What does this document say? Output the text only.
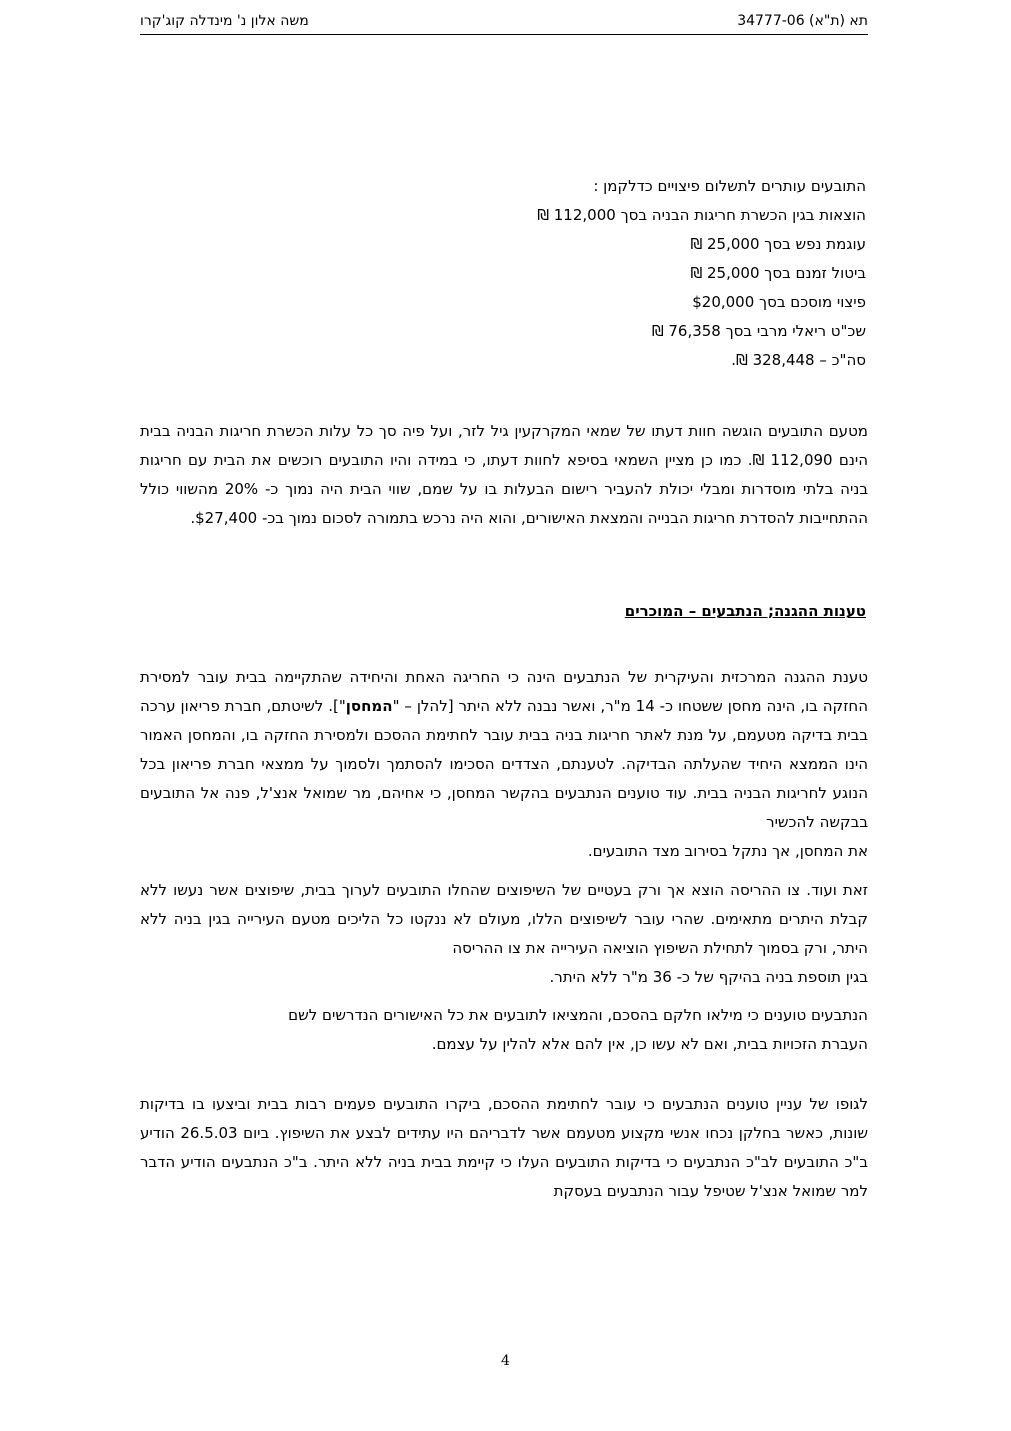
תא (ת"א) 34777-06
משה אלון נ' מינדלה קוג'קרו
התובעים עותרים לתשלום פיצויים כדלקמן :
הוצאות בגין הכשרת חריגות הבניה בסך 112,000 ₪
עוגמת נפש בסך 25,000 ₪
ביטול זמנם בסך 25,000 ₪
פיצוי מוסכם בסך $20,000
שכ"ט ריאלי מרבי בסך 76,358 ₪
סה"כ – 328,448 ₪.

מטעם התובעים הוגשה חוות דעתו של שמאי המקרקעין גיל לזר, ועל פיה סך כל עלות הכשרת חריגות הבניה בבית הינם 112,090 ₪. כמו כן מציין השמאי בסיפא לחוות דעתו, כי במידה והיו התובעים רוכשים את הבית עם חריגות בניה בלתי מוסדרות ומבלי יכולת להעביר רישום הבעלות בו על שמם, שווי הבית היה נמוך כ- 20% מהשווי כולל ההתחייבות להסדרת חריגות הבנייה והמצאת האישורים, והוא היה נרכש בתמורה לסכום נמוך בכ- $27,400.

טענות ההגנה; הנתבעים – המוכרים

טענת ההגנה המרכזית והעיקרית של הנתבעים הינה כי החריגה האחת והיחידה שהתקיימה בבית עובר למסירת החזקה בו, הינה מחסן ששטחו כ- 14 מ"ר, ואשר נבנה ללא היתר [להלן – "המחסן"]. לשיטתם, חברת פריאון ערכה בבית בדיקה מטעמם, על מנת לאתר חריגות בניה בבית עובר לחתימת ההסכם ולמסירת החזקה בו, והמחסן האמור הינו הממצא היחיד שהעלתה הבדיקה. לטענתם, הצדדים הסכימו להסתמך ולסמוך על ממצאי חברת פריאון בכל הנוגע לחריגות הבניה בבית. עוד טוענים הנתבעים בהקשר המחסן, כי אחיהם, מר שמואל אנצ'ל, פנה אל התובעים בבקשה להכשיר
את המחסן, אך נתקל בסירוב מצד התובעים.

זאת ועוד. צו ההריסה הוצא אך ורק בעטיים של השיפוצים שהחלו התובעים לערוך בבית, שיפוצים אשר נעשו ללא קבלת היתרים מתאימים. שהרי עובר לשיפוצים הללו, מעולם לא ננקטו כל הליכים מטעם העירייה בגין בניה ללא היתר, ורק בסמוך לתחילת השיפוץ הוציאה העירייה את צו ההריסה
בגין תוספת בניה בהיקף של כ- 36 מ"ר ללא היתר.

הנתבעים טוענים כי מילאו חלקם בהסכם, והמציאו לתובעים את כל האישורים הנדרשים לשם
העברת הזכויות בבית, ואם לא עשו כן, אין להם אלא להלין על עצמם.

לגופו של עניין טוענים הנתבעים כי עובר לחתימת ההסכם, ביקרו התובעים פעמים רבות בבית וביצעו בו בדיקות שונות, כאשר בחלקן נכחו אנשי מקצוע מטעמם אשר לדבריהם היו עתידים לבצע את השיפוץ. ביום 26.5.03 הודיע ב"כ התובעים לב"כ הנתבעים כי בדיקות התובעים העלו כי קיימת בבית בניה ללא היתר. ב"כ הנתבעים הודיע הדבר למר שמואל אנצ'ל שטיפל עבור הנתבעים בעסקת

4
